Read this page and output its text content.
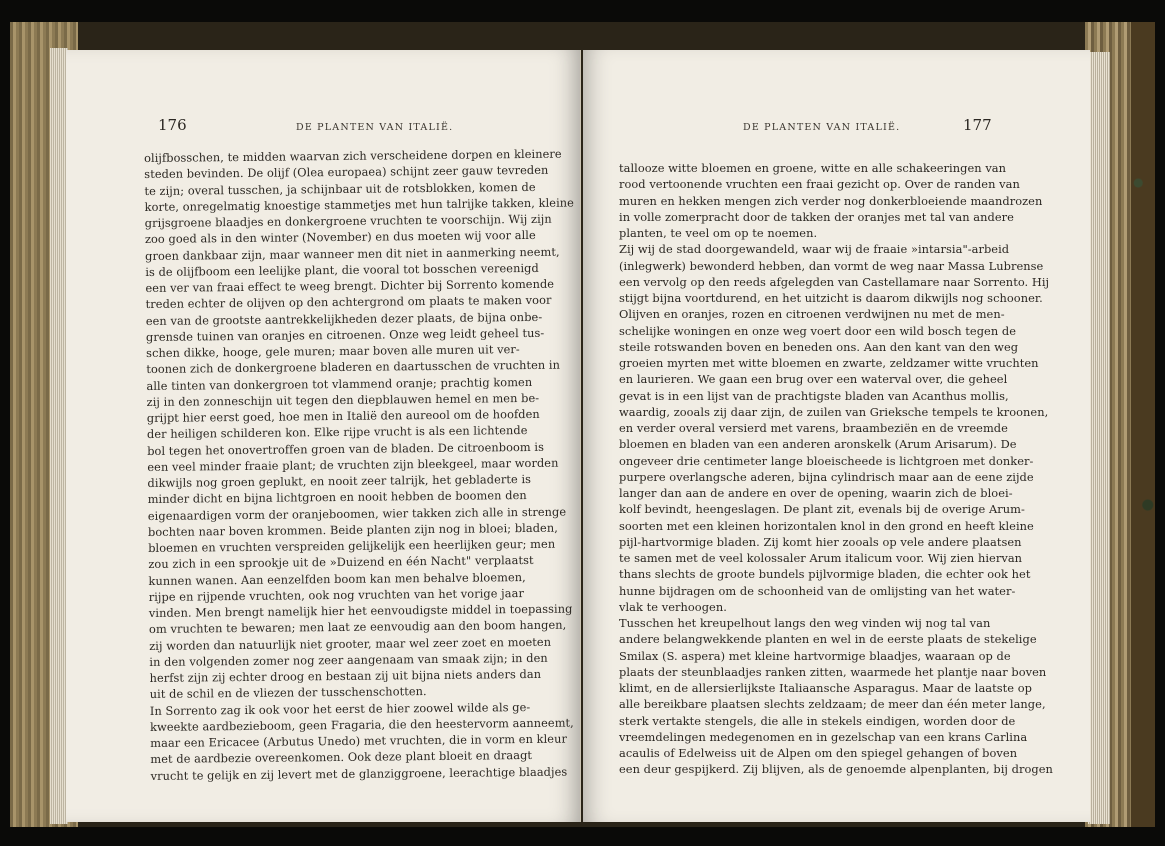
176	DE PLANTEN VAN ITALIË.
olijfbosschen, te midden waarvan zich verscheidene dorpen en kleinere
steden bevinden. De olijf (Olea europaea) schijnt zeer gauw tevreden
te zijn; overal tusschen, ja schijnbaar uit de rotsblokken, komen de
korte, onregelmatig knoestige stammetjes met hun talrijke takken, kleine
grijsgroene blaadjes en donkergroene vruchten te voorschijn. Wij zijn
zoo goed als in den winter (November) en dus moeten wij voor alle
groen dankbaar zijn, maar wanneer men dit niet in aanmerking neemt,
is de olijfboom een leelijke plant, die vooral tot bosschen vereenigd
een ver van fraai effect te weeg brengt. Dichter bij Sorrento komende
treden echter de olijven op den achtergrond om plaats te maken voor
een van de grootste aantrekkelijkheden dezer plaats, de bijna onbe-
grensde tuinen van oranjes en citroenen. Onze weg leidt geheel tus-
schen dikke, hooge, gele muren; maar boven alle muren uit ver-
toonen zich de donkergroene bladeren en daartusschen de vruchten in
alle tinten van donkergroen tot vlammend oranje; prachtig komen
zij in den zonneschijn uit tegen den diepblauwen hemel en men be-
grijpt hier eerst goed, hoe men in Italië den aureool om de hoofden
der heiligen schilderen kon. Elke rijpe vrucht is als een lichtende
bol tegen het onovertroffen groen van de bladen. De citroenboom is
een veel minder fraaie plant; de vruchten zijn bleekgeel, maar worden
dikwijls nog groen geplukt, en nooit zeer talrijk, het gebladerte is
minder dicht en bijna lichtgroen en nooit hebben de boomen den
eigenaardigen vorm der oranjeboomen, wier takken zich alle in strenge
bochten naar boven krommen. Beide planten zijn nog in bloei; bladen,
bloemen en vruchten verspreiden gelijkelijk een heerlijken geur; men
zou zich in een sprookje uit de »Duizend en één Nacht" verplaatst
kunnen wanen. Aan eenzelfden boom kan men behalve bloemen,
rijpe en rijpende vruchten, ook nog vruchten van het vorige jaar
vinden. Men brengt namelijk hier het eenvoudigste middel in toepassing
om vruchten te bewaren; men laat ze eenvoudig aan den boom hangen,
zij worden dan natuurlijk niet grooter, maar wel zeer zoet en moeten
in den volgenden zomer nog zeer aangenaam van smaak zijn; in den
herfst zijn zij echter droog en bestaan zij uit bijna niets anders dan
uit de schil en de vliezen der tusschenschotten.
In Sorrento zag ik ook voor het eerst de hier zoowel wilde als ge-
kweekte aardbezieboom, geen Fragaria, die den heestervorm aanneemt,
maar een Ericacee (Arbutus Unedo) met vruchten, die in vorm en kleur
met de aardbezie overeenkomen. Ook deze plant bloeit en draagt
vrucht te gelijk en zij levert met de glanziggroene, leerachtige blaadjes
DE PLANTEN VAN ITALIË.	177
tallooze witte bloemen en groene, witte en alle schakeeringen van
rood vertoonende vruchten een fraai gezicht op. Over de randen van
muren en hekken mengen zich verder nog donkerbloeiende maandrozen
in volle zomerpracht door de takken der oranjes met tal van andere
planten, te veel om op te noemen.
Zij wij de stad doorgewandeld, waar wij de fraaie »intarsia"-arbeid
(inlegwerk) bewonderd hebben, dan vormt de weg naar Massa Lubrense
een vervolg op den reeds afgelegden van Castellamare naar Sorrento. Hij
stijgt bijna voortdurend, en het uitzicht is daarom dikwijls nog schooner.
Olijven en oranjes, rozen en citroenen verdwijnen nu met de men-
schelijke woningen en onze weg voert door een wild bosch tegen de
steile rotswanden boven en beneden ons. Aan den kant van den weg
groeien myrten met witte bloemen en zwarte, zeldzamer witte vruchten
en laurieren. We gaan een brug over een waterval over, die geheel
gevat is in een lijst van de prachtigste bladen van Acanthus mollis,
waardig, zooals zij daar zijn, de zuilen van Grieksche tempels te kroonen,
en verder overal versierd met varens, braambeziën en de vreemde
bloemen en bladen van een anderen aronskelk (Arum Arisarum). De
ongeveer drie centimeter lange bloeischeede is lichtgroen met donker-
purpere overlangsche aderen, bijna cylindrisch maar aan de eene zijde
langer dan aan de andere en over de opening, waarin zich de bloei-
kolf bevindt, heengeslagen. De plant zit, evenals bij de overige Arum-
soorten met een kleinen horizontalen knol in den grond en heeft kleine
pijl-hartvormige bladen. Zij komt hier zooals op vele andere plaatsen
te samen met de veel kolossaler Arum italicum voor. Wij zien hiervan
thans slechts de groote bundels pijlvormige bladen, die echter ook het
hunne bijdragen om de schoonheid van de omlijsting van het water-
vlak te verhoogen.
Tusschen het kreupelhout langs den weg vinden wij nog tal van
andere belangwekkende planten en wel in de eerste plaats de stekelige
Smilax (S. aspera) met kleine hartvormige blaadjes, waaraan op de
plaats der steunblaadjes ranken zitten, waarmede het plantje naar boven
klimt, en de allersierlijkste Italiaansche Asparagus. Maar de laatste op
alle bereikbare plaatsen slechts zeldzaam; de meer dan één meter lange,
sterk vertakte stengels, die alle in stekels eindigen, worden door de
vreemdelingen medegenomen en in gezelschap van een krans Carlina
acaulis of Edelweiss uit de Alpen om den spiegel gehangen of boven
een deur gespijkerd. Zij blijven, als de genoemde alpenplanten, bij drogen
